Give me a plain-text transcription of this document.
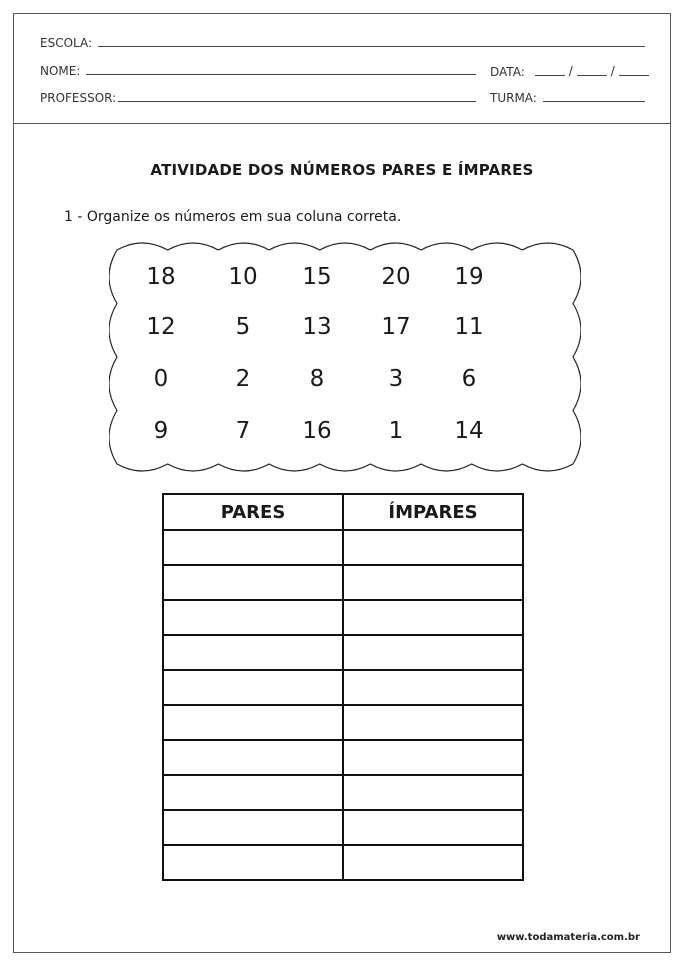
ESCOLA:
NOME:	DATA:	/	/
PROFESSOR:	TURMA:
ATIVIDADE DOS NÚMEROS PARES E ÍMPARES
1 - Organize os números em sua coluna correta.
18	10	15	20	19
12	5	13	17	11
0	2	8	3	6
9	7	16	1	14
PARES	ÍMPARES

www.todamateria.com.br
